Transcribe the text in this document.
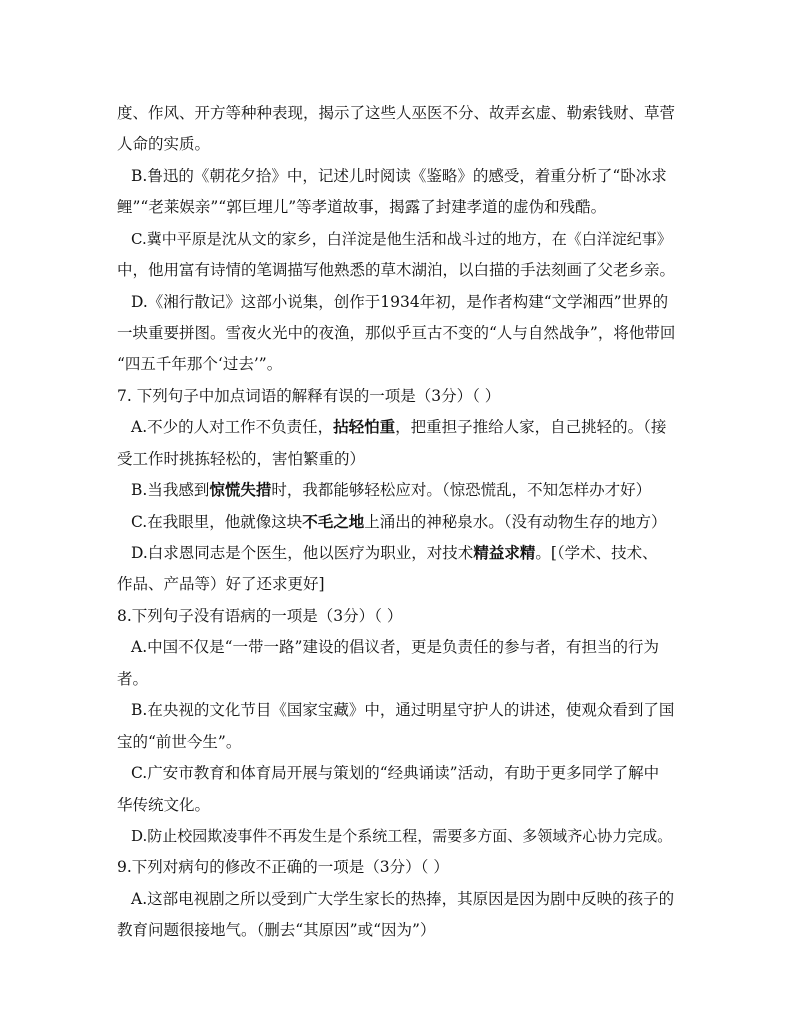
度、作风、开方等种种表现，揭示了这些人巫医不分、故弄玄虚、勒索钱财、草菅

人命的实质。

B.鲁迅的《朝花夕拾》中，记述儿时阅读《鉴略》的感受，着重分析了“卧冰求

鲤”“老莱娱亲”“郭巨埋儿”等孝道故事，揭露了封建孝道的虚伪和残酷。

C.冀中平原是沈从文的家乡，白洋淀是他生活和战斗过的地方，在《白洋淀纪事》

中，他用富有诗情的笔调描写他熟悉的草木湖泊，以白描的手法刻画了父老乡亲。

D.《湘行散记》这部小说集，创作于1934年初，是作者构建“文学湘西”世界的

一块重要拼图。雪夜火光中的夜渔，那似乎亘古不变的“人与自然战争”，将他带回

“四五千年那个‘过去’”。

7. 下列句子中加点词语的解释有误的一项是（3分）（ ）

A.不少的人对工作不负责任，拈轻怕重，把重担子推给人家，自己挑轻的。（接

受工作时挑拣轻松的，害怕繁重的）

B.当我感到惊慌失措时，我都能够轻松应对。（惊恐慌乱，不知怎样办才好）

C.在我眼里，他就像这块不毛之地上涌出的神秘泉水。（没有动物生存的地方）

D.白求恩同志是个医生，他以医疗为职业，对技术精益求精。[（学术、技术、

作品、产品等）好了还求更好]

8.下列句子没有语病的一项是（3分）（ ）

A.中国不仅是“一带一路”建设的倡议者，更是负责任的参与者，有担当的行为

者。

B.在央视的文化节目《国家宝藏》中，通过明星守护人的讲述，使观众看到了国

宝的“前世今生”。

C.广安市教育和体育局开展与策划的“经典诵读”活动，有助于更多同学了解中

华传统文化。

D.防止校园欺凌事件不再发生是个系统工程，需要多方面、多领域齐心协力完成。

9.下列对病句的修改不正确的一项是（3分）（ ）

A.这部电视剧之所以受到广大学生家长的热捧，其原因是因为剧中反映的孩子的

教育问题很接地气。（删去“其原因”或“因为”）
